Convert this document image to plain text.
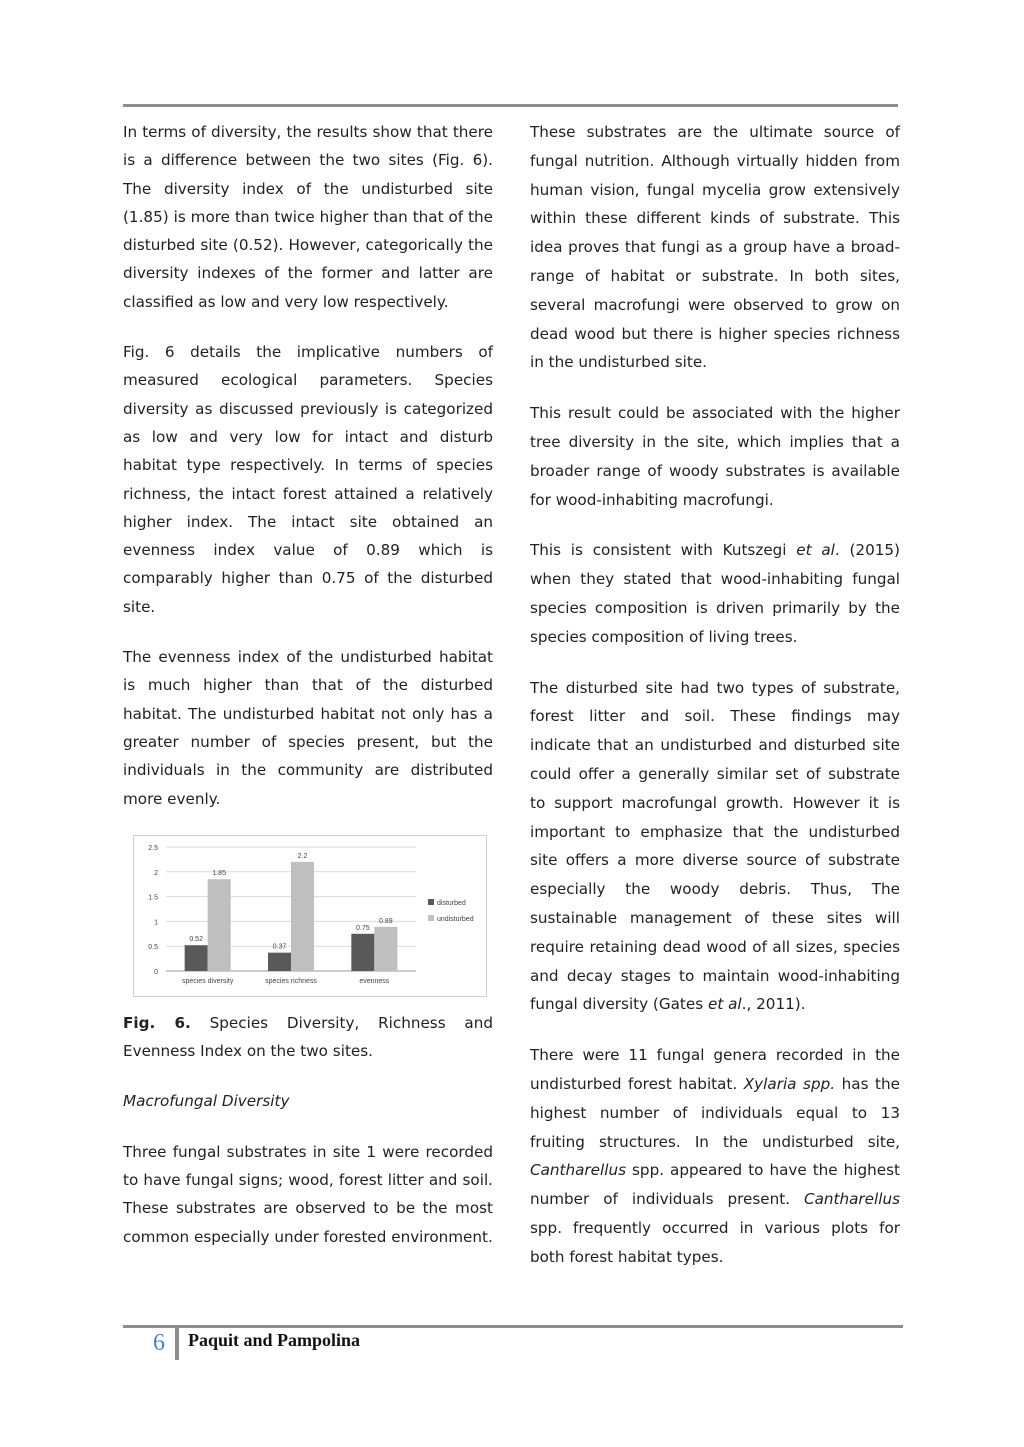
In terms of diversity, the results show that there is a difference between the two sites (Fig. 6). The diversity index of the undisturbed site (1.85) is more than twice higher than that of the disturbed site (0.52). However, categorically the diversity indexes of the former and latter are classified as low and very low respectively.

Fig. 6 details the implicative numbers of measured ecological parameters. Species diversity as discussed previously is categorized as low and very low for intact and disturb habitat type respectively. In terms of species richness, the intact forest attained a relatively higher index. The intact site obtained an evenness index value of 0.89 which is comparably higher than 0.75 of the disturbed site.

The evenness index of the undisturbed habitat is much higher than that of the disturbed habitat. The undisturbed habitat not only has a greater number of species present, but the individuals in the community are distributed more evenly.

0
0.5
1
1.5
2
2.5
0.52
1.85
species diversity
0.37
2.2
species richness
0.75
0.89
evenness
disturbed
undisturbed

Fig. 6. Species Diversity, Richness and Evenness Index on the two sites.

Macrofungal Diversity

Three fungal substrates in site 1 were recorded to have fungal signs; wood, forest litter and soil. These substrates are observed to be the most common especially under forested environment.

These substrates are the ultimate source of fungal nutrition. Although virtually hidden from human vision, fungal mycelia grow extensively within these different kinds of substrate. This idea proves that fungi as a group have a broad-range of habitat or substrate. In both sites, several macrofungi were observed to grow on dead wood but there is higher species richness in the undisturbed site.

This result could be associated with the higher tree diversity in the site, which implies that a broader range of woody substrates is available for wood-inhabiting macrofungi.

This is consistent with Kutszegi et al. (2015) when they stated that wood-inhabiting fungal species composition is driven primarily by the species composition of living trees.

The disturbed site had two types of substrate, forest litter and soil. These findings may indicate that an undisturbed and disturbed site could offer a generally similar set of substrate to support macrofungal growth. However it is important to emphasize that the undisturbed site offers a more diverse source of substrate especially the woody debris. Thus, The sustainable management of these sites will require retaining dead wood of all sizes, species and decay stages to maintain wood-inhabiting fungal diversity (Gates et al., 2011).

There were 11 fungal genera recorded in the undisturbed forest habitat. Xylaria spp. has the highest number of individuals equal to 13 fruiting structures. In the undisturbed site, Cantharellus spp. appeared to have the highest number of individuals present. Cantharellus spp. frequently occurred in various plots for both forest habitat types.

6 Paquit and Pampolina
